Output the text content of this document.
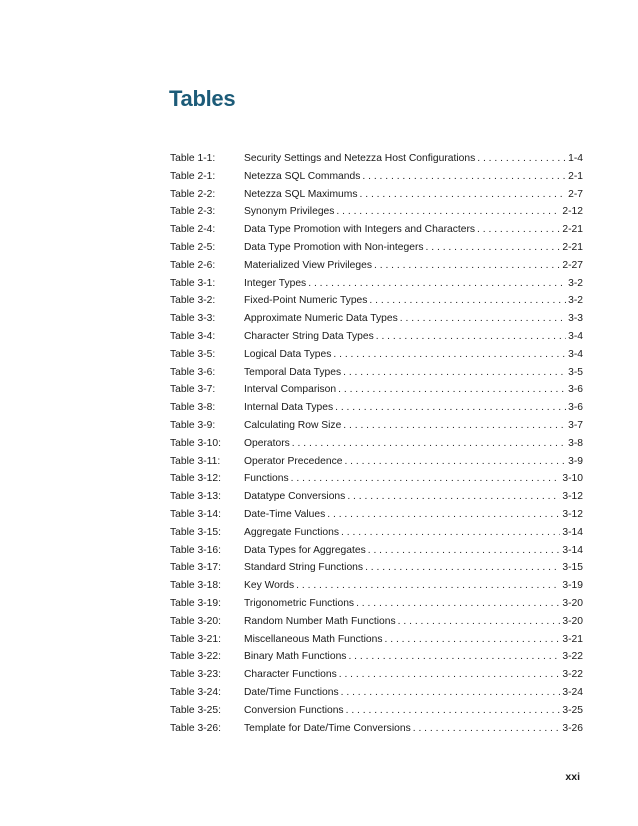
Tables
Table 1-1:	Security Settings and Netezza Host Configurations . . .	1-4
Table 2-1:	Netezza SQL Commands . . .	2-1
Table 2-2:	Netezza SQL Maximums . . .	2-7
Table 2-3:	Synonym Privileges . . .	2-12
Table 2-4:	Data Type Promotion with Integers and Characters . . .	2-21
Table 2-5:	Data Type Promotion with Non-integers . . .	2-21
Table 2-6:	Materialized View Privileges . . .	2-27
Table 3-1:	Integer Types . . .	3-2
Table 3-2:	Fixed-Point Numeric Types . . .	3-2
Table 3-3:	Approximate Numeric Data Types . . .	3-3
Table 3-4:	Character String Data Types . . .	3-4
Table 3-5:	Logical Data Types . . .	3-4
Table 3-6:	Temporal Data Types . . .	3-5
Table 3-7:	Interval Comparison . . .	3-6
Table 3-8:	Internal Data Types . . .	3-6
Table 3-9:	Calculating Row Size . . .	3-7
Table 3-10:	Operators . . .	3-8
Table 3-11:	Operator Precedence . . .	3-9
Table 3-12:	Functions . . .	3-10
Table 3-13:	Datatype Conversions . . .	3-12
Table 3-14:	Date-Time Values . . .	3-12
Table 3-15:	Aggregate Functions . . .	3-14
Table 3-16:	Data Types for Aggregates . . .	3-14
Table 3-17:	Standard String Functions . . .	3-15
Table 3-18:	Key Words . . .	3-19
Table 3-19:	Trigonometric Functions . . .	3-20
Table 3-20:	Random Number Math Functions . . .	3-20
Table 3-21:	Miscellaneous Math Functions . . .	3-21
Table 3-22:	Binary Math Functions . . .	3-22
Table 3-23:	Character Functions . . .	3-22
Table 3-24:	Date/Time Functions . . .	3-24
Table 3-25:	Conversion Functions . . .	3-25
Table 3-26:	Template for Date/Time Conversions . . .	3-26
xxi
